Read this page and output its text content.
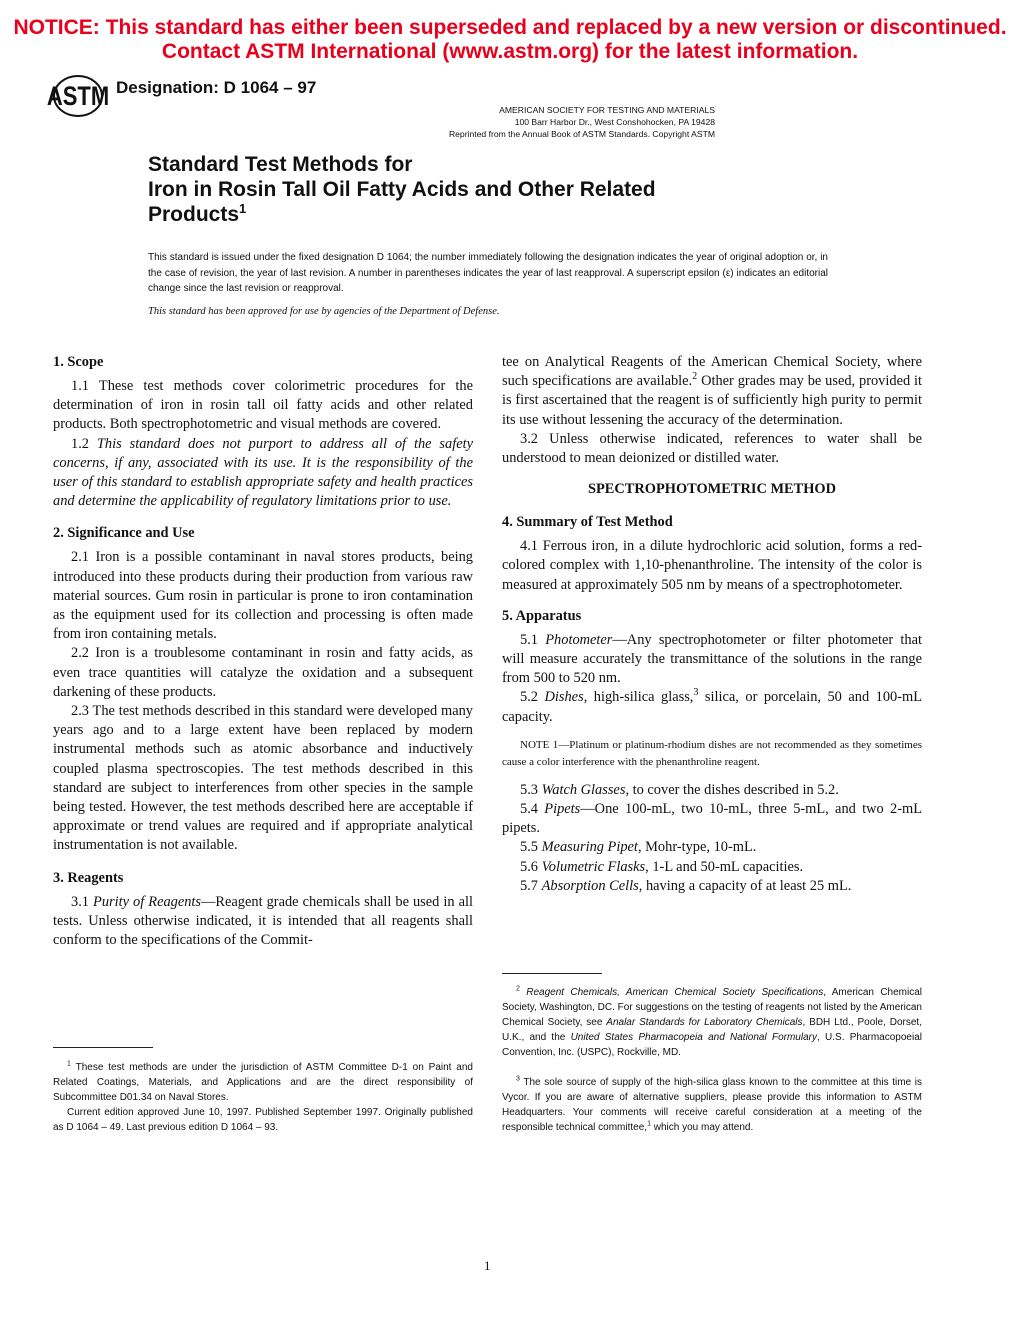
NOTICE: This standard has either been superseded and replaced by a new version or discontinued.
Contact ASTM International (www.astm.org) for the latest information.
ASTM Designation: D 1064 – 97
AMERICAN SOCIETY FOR TESTING AND MATERIALS
100 Barr Harbor Dr., West Conshohocken, PA 19428
Reprinted from the Annual Book of ASTM Standards. Copyright ASTM
Standard Test Methods for
Iron in Rosin Tall Oil Fatty Acids and Other Related
Products$^1$
This standard is issued under the fixed designation D 1064; the number immediately following the designation indicates the year of original adoption or, in the case of revision, the year of last revision. A number in parentheses indicates the year of last reapproval. A superscript epsilon (ε) indicates an editorial change since the last revision or reapproval.
This standard has been approved for use by agencies of the Department of Defense.
1. Scope

1.1 These test methods cover colorimetric procedures for the determination of iron in rosin tall oil fatty acids and other related products. Both spectrophotometric and visual methods are covered.

1.2 This standard does not purport to address all of the safety concerns, if any, associated with its use. It is the responsibility of the user of this standard to establish appropriate safety and health practices and determine the applicability of regulatory limitations prior to use.

2. Significance and Use

2.1 Iron is a possible contaminant in naval stores products, being introduced into these products during their production from various raw material sources. Gum rosin in particular is prone to iron contamination as the equipment used for its collection and processing is often made from iron containing metals.

2.2 Iron is a troublesome contaminant in rosin and fatty acids, as even trace quantities will catalyze the oxidation and a subsequent darkening of these products.

2.3 The test methods described in this standard were developed many years ago and to a large extent have been replaced by modern instrumental methods such as atomic absorbance and inductively coupled plasma spectroscopies. The test methods described in this standard are subject to interferences from other species in the sample being tested. However, the test methods described here are acceptable if approximate or trend values are required and if appropriate analytical instrumentation is not available.

3. Reagents

3.1 Purity of Reagents—Reagent grade chemicals shall be used in all tests. Unless otherwise indicated, it is intended that all reagents shall conform to the specifications of the Commit-

tee on Analytical Reagents of the American Chemical Society, where such specifications are available.$^2$ Other grades may be used, provided it is first ascertained that the reagent is of sufficiently high purity to permit its use without lessening the accuracy of the determination.

3.2 Unless otherwise indicated, references to water shall be understood to mean deionized or distilled water.

SPECTROPHOTOMETRIC METHOD
4. Summary of Test Method

4.1 Ferrous iron, in a dilute hydrochloric acid solution, forms a red-colored complex with 1,10-phenanthroline. The intensity of the color is measured at approximately 505 nm by means of a spectrophotometer.

5. Apparatus

5.1 Photometer—Any spectrophotometer or filter photometer that will measure accurately the transmittance of the solutions in the range from 500 to 520 nm.

5.2 Dishes, high-silica glass,$^3$ silica, or porcelain, 50 and 100-mL capacity.

NOTE 1—Platinum or platinum-rhodium dishes are not recommended as they sometimes cause a color interference with the phenanthroline reagent.

5.3 Watch Glasses, to cover the dishes described in 5.2.

5.4 Pipets—One 100-mL, two 10-mL, three 5-mL, and two 2-mL pipets.

5.5 Measuring Pipet, Mohr-type, 10-mL.

5.6 Volumetric Flasks, 1-L and 50-mL capacities.

5.7 Absorption Cells, having a capacity of at least 25 mL.

$^1$ These test methods are under the jurisdiction of ASTM Committee D-1 on Paint and Related Coatings, Materials, and Applications and are the direct responsibility of Subcommittee D01.34 on Naval Stores.

Current edition approved June 10, 1997. Published September 1997. Originally published as D 1064 – 49. Last previous edition D 1064 – 93.

$^2$ Reagent Chemicals, American Chemical Society Specifications, American Chemical Society, Washington, DC. For suggestions on the testing of reagents not listed by the American Chemical Society, see Analar Standards for Laboratory Chemicals, BDH Ltd., Poole, Dorset, U.K., and the United States Pharmacopeia and National Formulary, U.S. Pharmacopoeial Convention, Inc. (USPC), Rockville, MD.

$^3$ The sole source of supply of the high-silica glass known to the committee at this time is Vycor. If you are aware of alternative suppliers, please provide this information to ASTM Headquarters. Your comments will receive careful consideration at a meeting of the responsible technical committee,$^1$ which you may attend.

1
